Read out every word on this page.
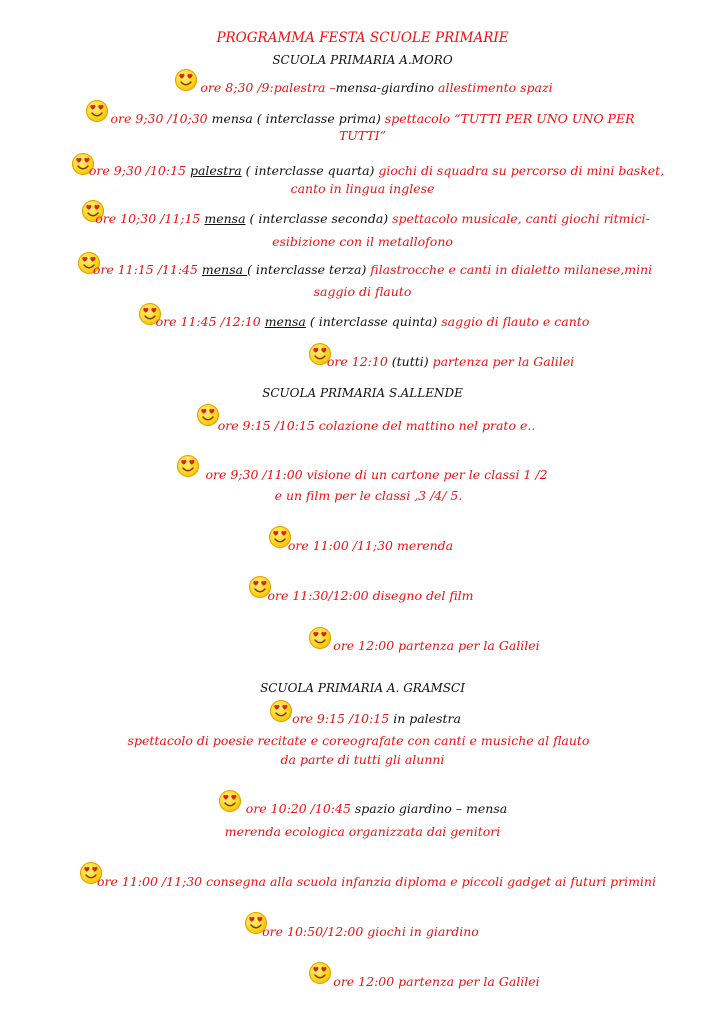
PROGRAMMA FESTA SCUOLE PRIMARIE
SCUOLA PRIMARIA A.MORO
ore 8;30 /9:palestra –mensa-giardino allestimento spazi
ore 9;30 /10;30 mensa ( interclasse prima) spettacolo “TUTTI PER UNO UNO PER
TUTTI”
ore 9;30 /10:15 palestra ( interclasse quarta) giochi di squadra su percorso di mini basket,
canto in lingua inglese
ore 10;30 /11;15 mensa ( interclasse seconda) spettacolo musicale, canti giochi ritmici-
esibizione con il metallofono
ore 11:15 /11:45 mensa ( interclasse terza) filastrocche e canti in dialetto milanese,mini
saggio di flauto
ore 11:45 /12:10 mensa ( interclasse quinta) saggio di flauto e canto
ore 12:10 (tutti) partenza per la Galilei
SCUOLA PRIMARIA S.ALLENDE
ore 9:15 /10:15 colazione del mattino nel prato e..
ore 9;30 /11:00 visione di un cartone per le classi 1 /2
e un film per le classi ,3 /4/ 5.
ore 11:00 /11;30 merenda
ore 11:30/12:00 disegno del film
ore 12:00 partenza per la Galilei
SCUOLA PRIMARIA A. GRAMSCI
ore 9:15 /10:15 in palestra
spettacolo di poesie recitate e coreografate con canti e musiche al flauto
da parte di tutti gli alunni
ore 10:20 /10:45 spazio giardino – mensa
merenda ecologica organizzata dai genitori
ore 11:00 /11;30 consegna alla scuola infanzia diploma e piccoli gadget ai futuri primini
ore 10:50/12:00 giochi in giardino
ore 12:00 partenza per la Galilei
